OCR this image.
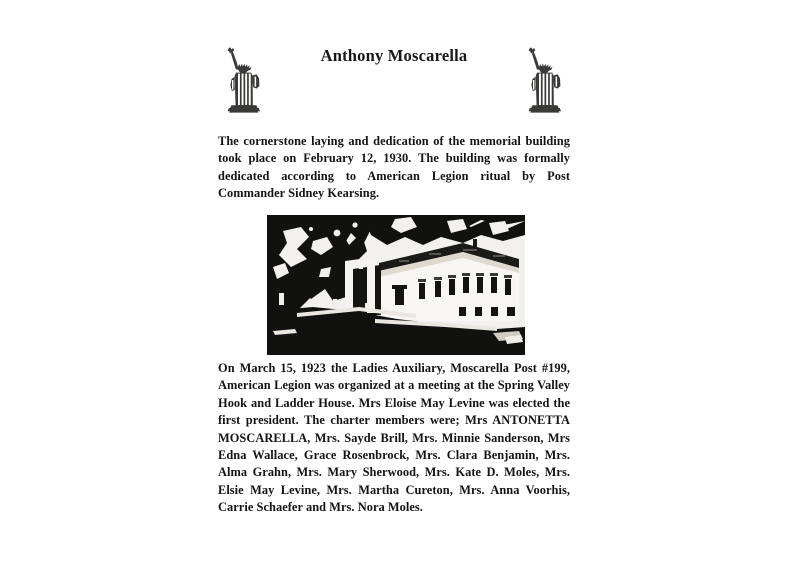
Anthony Moscarella
The cornerstone laying and dedication of the memorial building took place on February 12, 1930. The building was formally dedicated according to American Legion ritual by Post Commander Sidney Kearsing.
On March 15, 1923 the Ladies Auxiliary, Moscarella Post #199, American Legion was organized at a meeting at the Spring Valley Hook and Ladder House. Mrs Eloise May Levine was elected the first president. The charter members were; Mrs ANTONETTA MOSCARELLA, Mrs. Sayde Brill, Mrs. Minnie Sanderson, Mrs Edna Wallace, Grace Rosenbrock, Mrs. Clara Benjamin, Mrs. Alma Grahn, Mrs. Mary Sherwood, Mrs. Kate D. Moles, Mrs. Elsie May Levine, Mrs. Martha Cureton, Mrs. Anna Voorhis, Carrie Schaefer and Mrs. Nora Moles.
